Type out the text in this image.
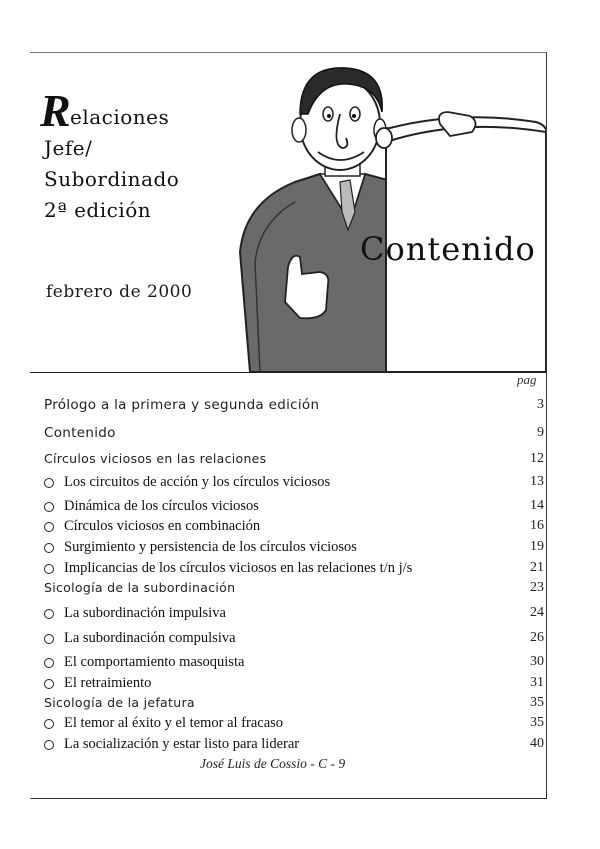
R elaciones
Jefe/
Subordinado
2ª edición
febrero de 2000
Contenido
pag
Prólogo a la primera y segunda edición	3
Contenido	9
Círculos viciosos en las relaciones	12
Los circuitos de acción y los círculos viciosos	13
Dinámica de los círculos viciosos	14
Círculos viciosos en combinación	16
Surgimiento y persistencia de los círculos viciosos	19
Implicancias de los círculos viciosos en las relaciones t/n j/s	21
Sicología de la subordinación	23
La subordinación impulsiva	24
La subordinación compulsiva	26
El comportamiento masoquista	30
El retraimiento	31
Sicología de la jefatura	35
El temor al éxito y el temor al fracaso	35
La socialización y estar listo para liderar	40
José Luis de Cossio - C - 9
